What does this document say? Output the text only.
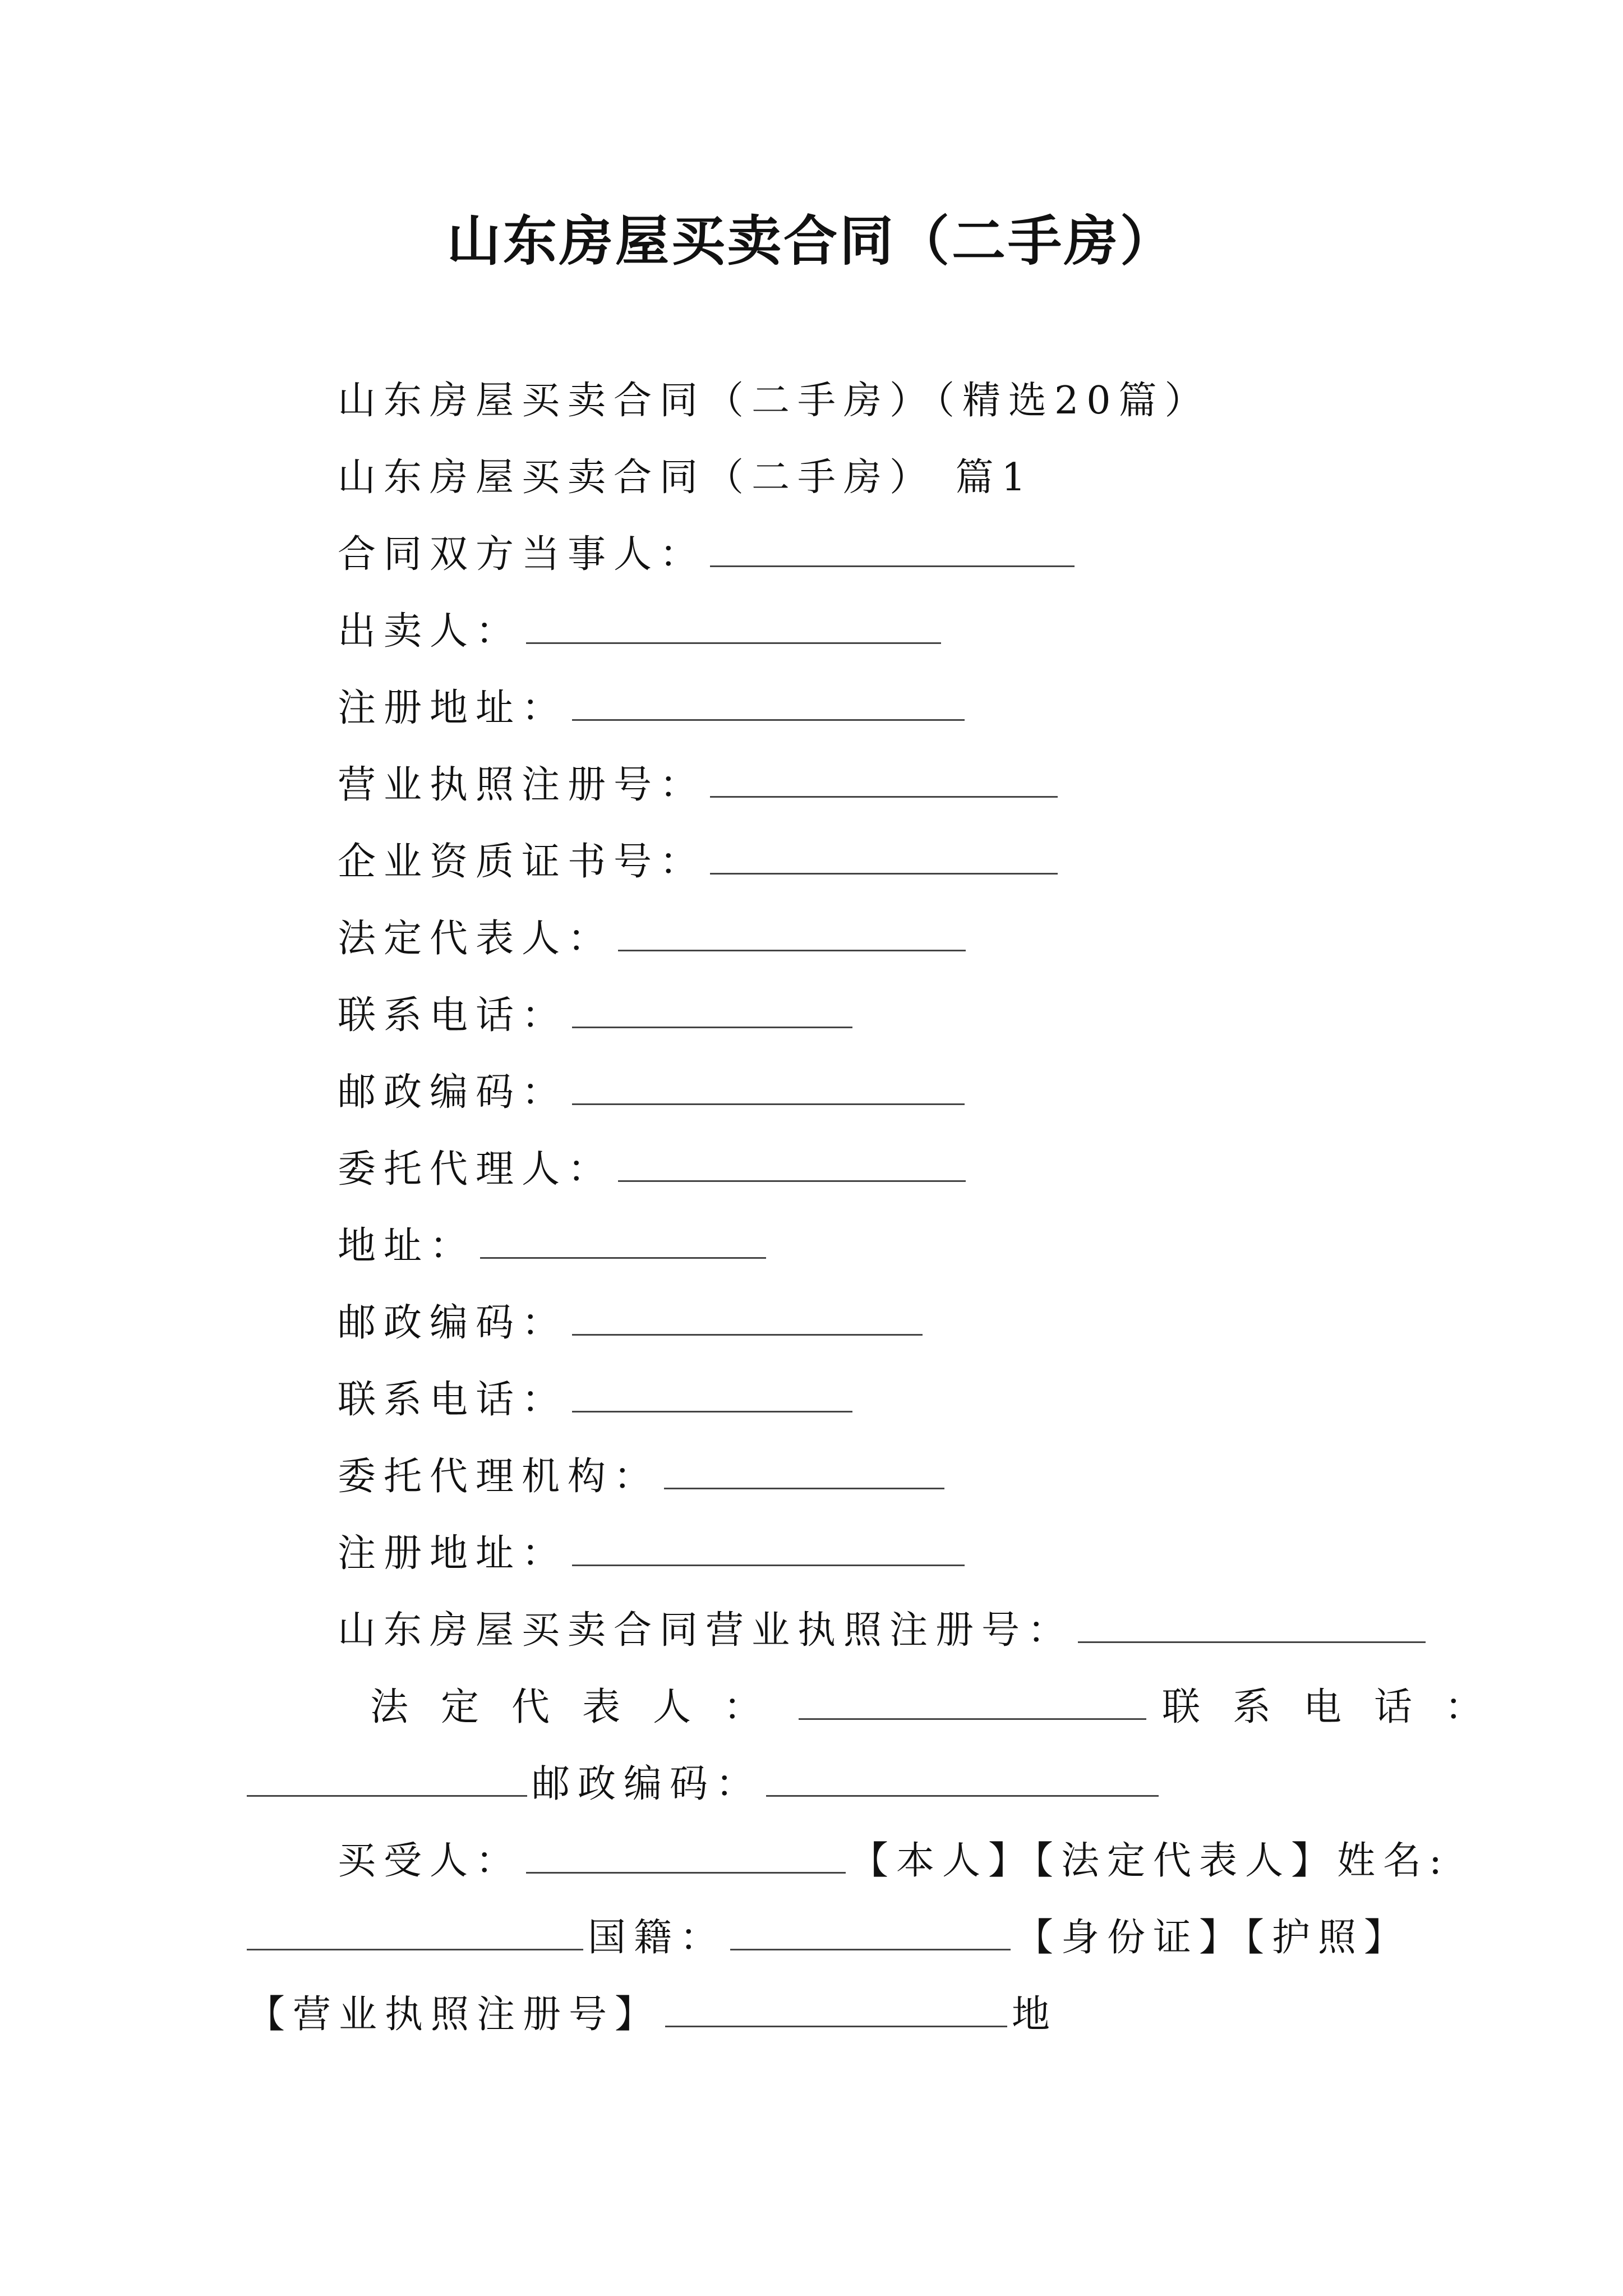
山东房屋买卖合同（二手房）
山东房屋买卖合同（二手房）（精选20篇）
山东房屋买卖合同（二手房） 篇1
合同双方当事人：
出卖人：
注册地址：
营业执照注册号：
企业资质证书号：
法定代表人：
联系电话：
邮政编码：
委托代理人：
地址：
邮政编码：
联系电话：
委托代理机构：
注册地址：
山东房屋买卖合同营业执照注册号：
法定代表人：	联系电话：
邮政编码：
买受人：	【本人】【法定代表人】姓名:
国籍：	【身份证】【护照】
【营业执照注册号】	地
